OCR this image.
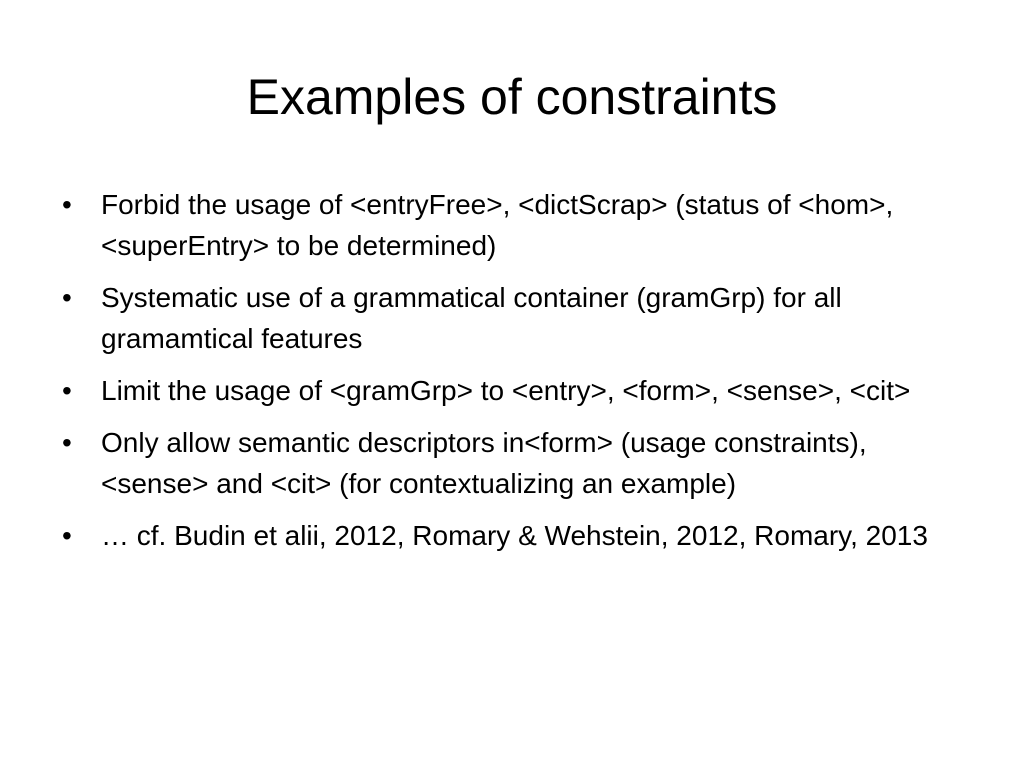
Examples of constraints
•	Forbid the usage of <entryFree>, <dictScrap> (status of <hom>, <superEntry> to be determined)
•	Systematic use of a grammatical container (gramGrp) for all gramamtical features
•	Limit the usage of <gramGrp> to <entry>, <form>, <sense>, <cit>
•	Only allow semantic descriptors in<form> (usage constraints), <sense> and <cit> (for contextualizing an example)
•	… cf. Budin et alii, 2012, Romary & Wehstein, 2012, Romary, 2013
